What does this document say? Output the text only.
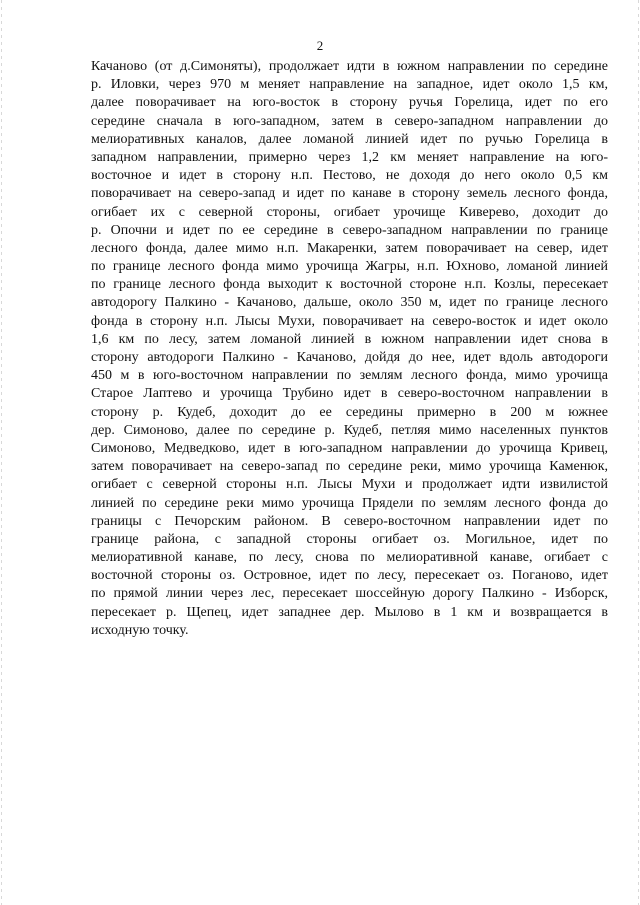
2
Качаново (от д.Симоняты), продолжает идти в южном направлении по середине
р. Иловки, через 970 м меняет направление на западное, идет около 1,5 км,
далее поворачивает на юго-восток в сторону ручья Горелица, идет по его
середине сначала в юго-западном, затем в северо-западном направлении до
мелиоративных каналов, далее ломаной линией идет по ручью Горелица в
западном направлении, примерно через 1,2 км меняет направление на юго-
восточное и идет в сторону н.п. Пестово, не доходя до него около 0,5 км
поворачивает на северо-запад и идет по канаве в сторону земель лесного фонда,
огибает их с северной стороны, огибает урочище Киверево, доходит до
р. Опочни и идет по ее середине в северо-западном направлении по границе
лесного фонда, далее мимо н.п. Макаренки, затем поворачивает на север, идет
по границе лесного фонда мимо урочища Жагры, н.п. Юхново, ломаной линией
по границе лесного фонда выходит к восточной стороне н.п. Козлы, пересекает
автодорогу Палкино - Качаново, дальше, около 350 м, идет по границе лесного
фонда в сторону н.п. Лысы Мухи, поворачивает на северо-восток и идет около
1,6 км по лесу, затем ломаной линией в южном направлении идет снова в
сторону автодороги Палкино - Качаново, дойдя до нее, идет вдоль автодороги
450 м в юго-восточном направлении по землям лесного фонда, мимо урочища
Старое Лаптево и урочища Трубино идет в северо-восточном направлении в
сторону р. Кудеб, доходит до ее середины примерно в 200 м южнее
дер. Симоново, далее по середине р. Кудеб, петляя мимо населенных пунктов
Симоново, Медведково, идет в юго-западном направлении до урочища Кривец,
затем поворачивает на северо-запад по середине реки, мимо урочища Каменюк,
огибает с северной стороны н.п. Лысы Мухи и продолжает идти извилистой
линией по середине реки мимо урочища Прядели по землям лесного фонда до
границы с Печорским районом. В северо-восточном направлении идет по
границе района, с западной стороны огибает оз. Могильное, идет по
мелиоративной канаве, по лесу, снова по мелиоративной канаве, огибает с
восточной стороны оз. Островное, идет по лесу, пересекает оз. Поганово, идет
по прямой линии через лес, пересекает шоссейную дорогу Палкино - Изборск,
пересекает р. Щепец, идет западнее дер. Мылово в 1 км и возвращается в
исходную точку.
